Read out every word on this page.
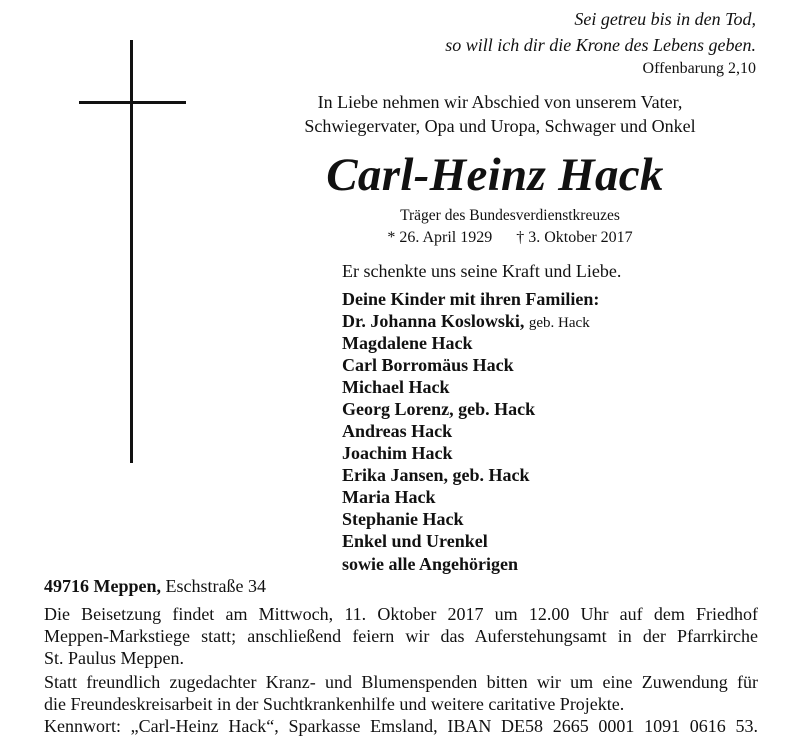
Sei getreu bis in den Tod,
so will ich dir die Krone des Lebens geben.
Offenbarung 2,10
In Liebe nehmen wir Abschied von unserem Vater,
Schwiegervater, Opa und Uropa, Schwager und Onkel
Carl-Heinz Hack
Träger des Bundesverdienstkreuzes
* 26. April 1929 † 3. Oktober 2017
Er schenkte uns seine Kraft und Liebe.
Deine Kinder mit ihren Familien:
Dr. Johanna Koslowski, geb. Hack
Magdalene Hack
Carl Borromäus Hack
Michael Hack
Georg Lorenz, geb. Hack
Andreas Hack
Joachim Hack
Erika Jansen, geb. Hack
Maria Hack
Stephanie Hack
Enkel und Urenkel
sowie alle Angehörigen
49716 Meppen, Eschstraße 34
Die Beisetzung findet am Mittwoch, 11. Oktober 2017 um 12.00 Uhr auf dem Friedhof
Meppen-Markstiege statt; anschließend feiern wir das Auferstehungsamt in der Pfarrkirche
St. Paulus Meppen.
Statt freundlich zugedachter Kranz- und Blumenspenden bitten wir um eine Zuwendung für
die Freundeskreisarbeit in der Suchtkrankenhilfe und weitere caritative Projekte.
Kennwort: „Carl-Heinz Hack“, Sparkasse Emsland, IBAN DE58 2665 0001 1091 0616 53.
